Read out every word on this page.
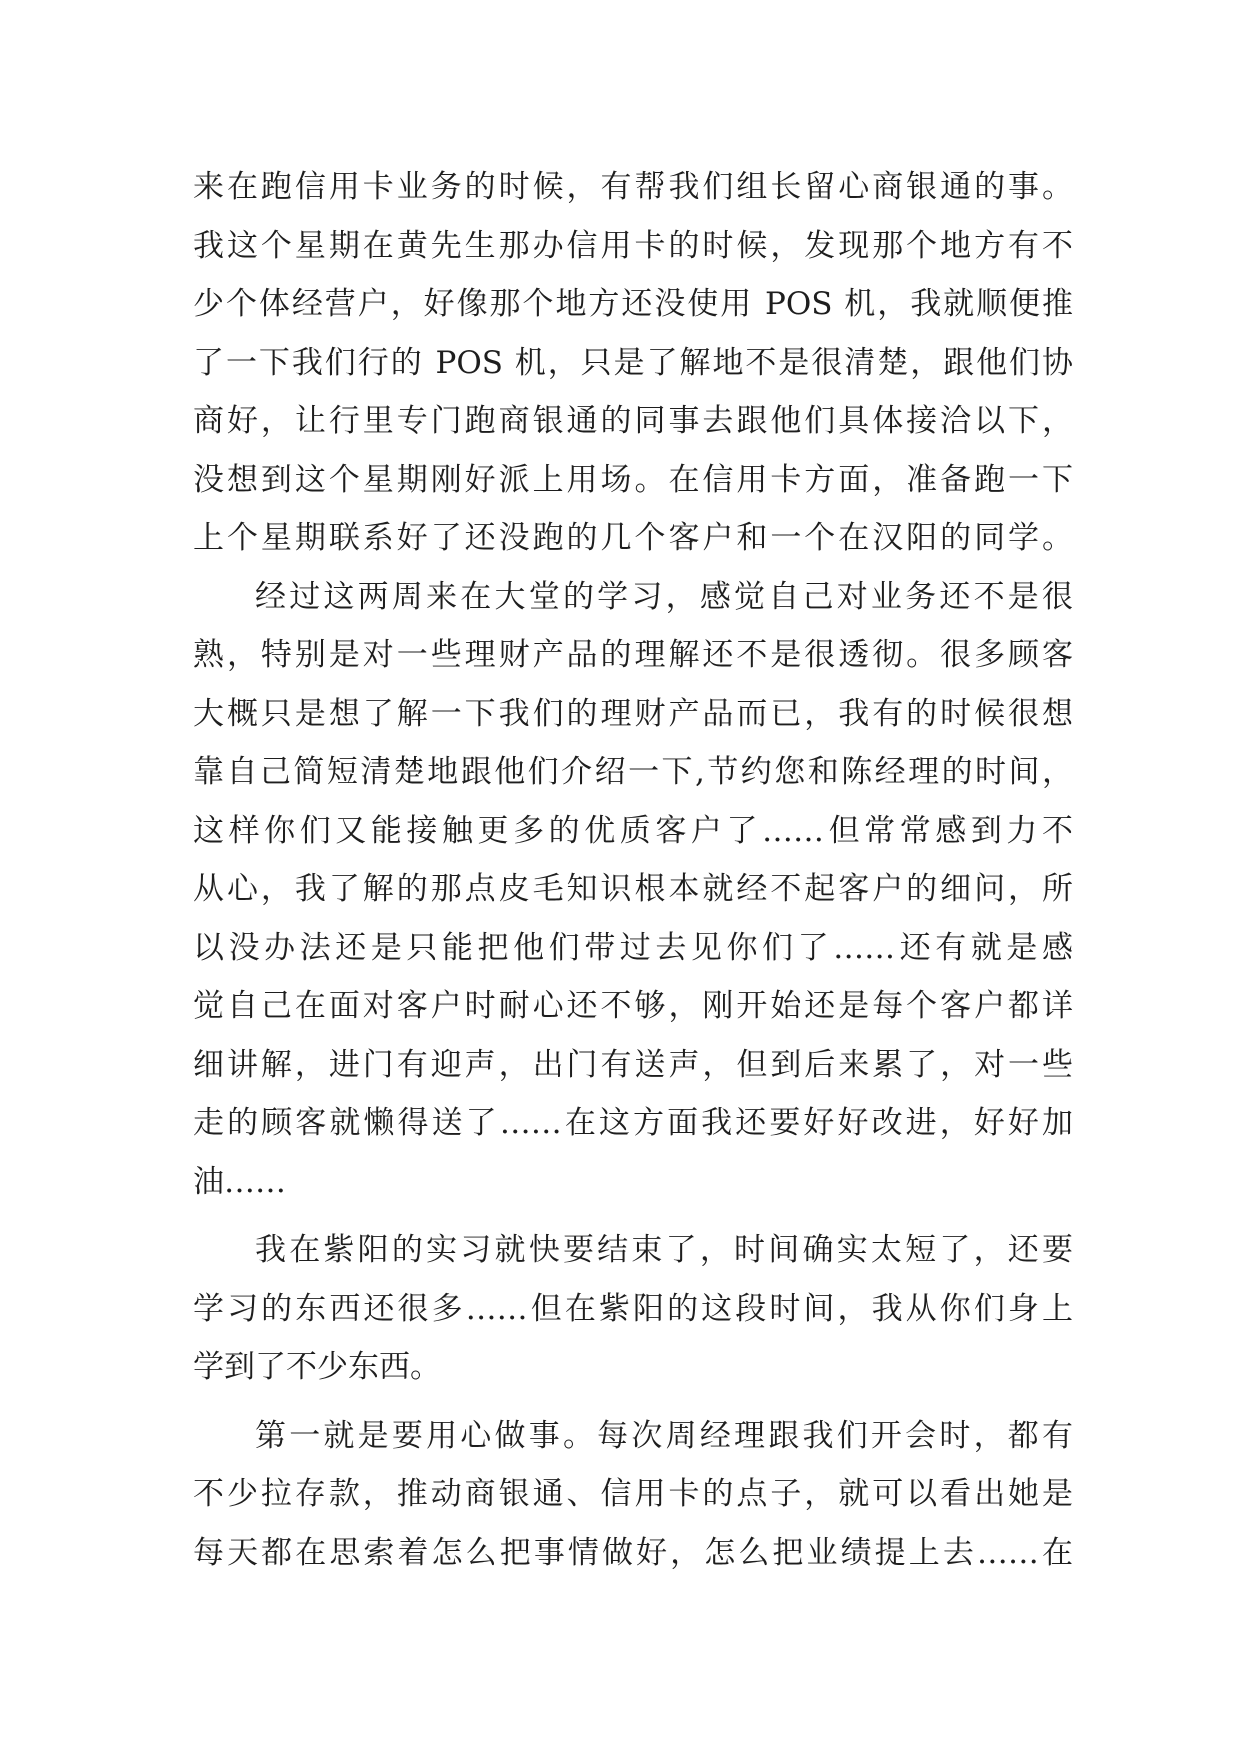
来在跑信用卡业务的时候，有帮我们组长留心商银通的事。
我这个星期在黄先生那办信用卡的时候，发现那个地方有不
少个体经营户，好像那个地方还没使用 POS 机，我就顺便推
了一下我们行的 POS 机，只是了解地不是很清楚，跟他们协
商好，让行里专门跑商银通的同事去跟他们具体接洽以下，
没想到这个星期刚好派上用场。在信用卡方面，准备跑一下
上个星期联系好了还没跑的几个客户和一个在汉阳的同学。
经过这两周来在大堂的学习，感觉自己对业务还不是很
熟，特别是对一些理财产品的理解还不是很透彻。很多顾客
大概只是想了解一下我们的理财产品而已，我有的时候很想
靠自己简短清楚地跟他们介绍一下,节约您和陈经理的时间，
这样你们又能接触更多的优质客户了……但常常感到力不
从心，我了解的那点皮毛知识根本就经不起客户的细问，所
以没办法还是只能把他们带过去见你们了……还有就是感
觉自己在面对客户时耐心还不够，刚开始还是每个客户都详
细讲解，进门有迎声，出门有送声，但到后来累了，对一些
走的顾客就懒得送了……在这方面我还要好好改进，好好加
油……
我在紫阳的实习就快要结束了，时间确实太短了，还要
学习的东西还很多……但在紫阳的这段时间，我从你们身上
学到了不少东西。
第一就是要用心做事。每次周经理跟我们开会时，都有
不少拉存款，推动商银通、信用卡的点子，就可以看出她是
每天都在思索着怎么把事情做好，怎么把业绩提上去……在
